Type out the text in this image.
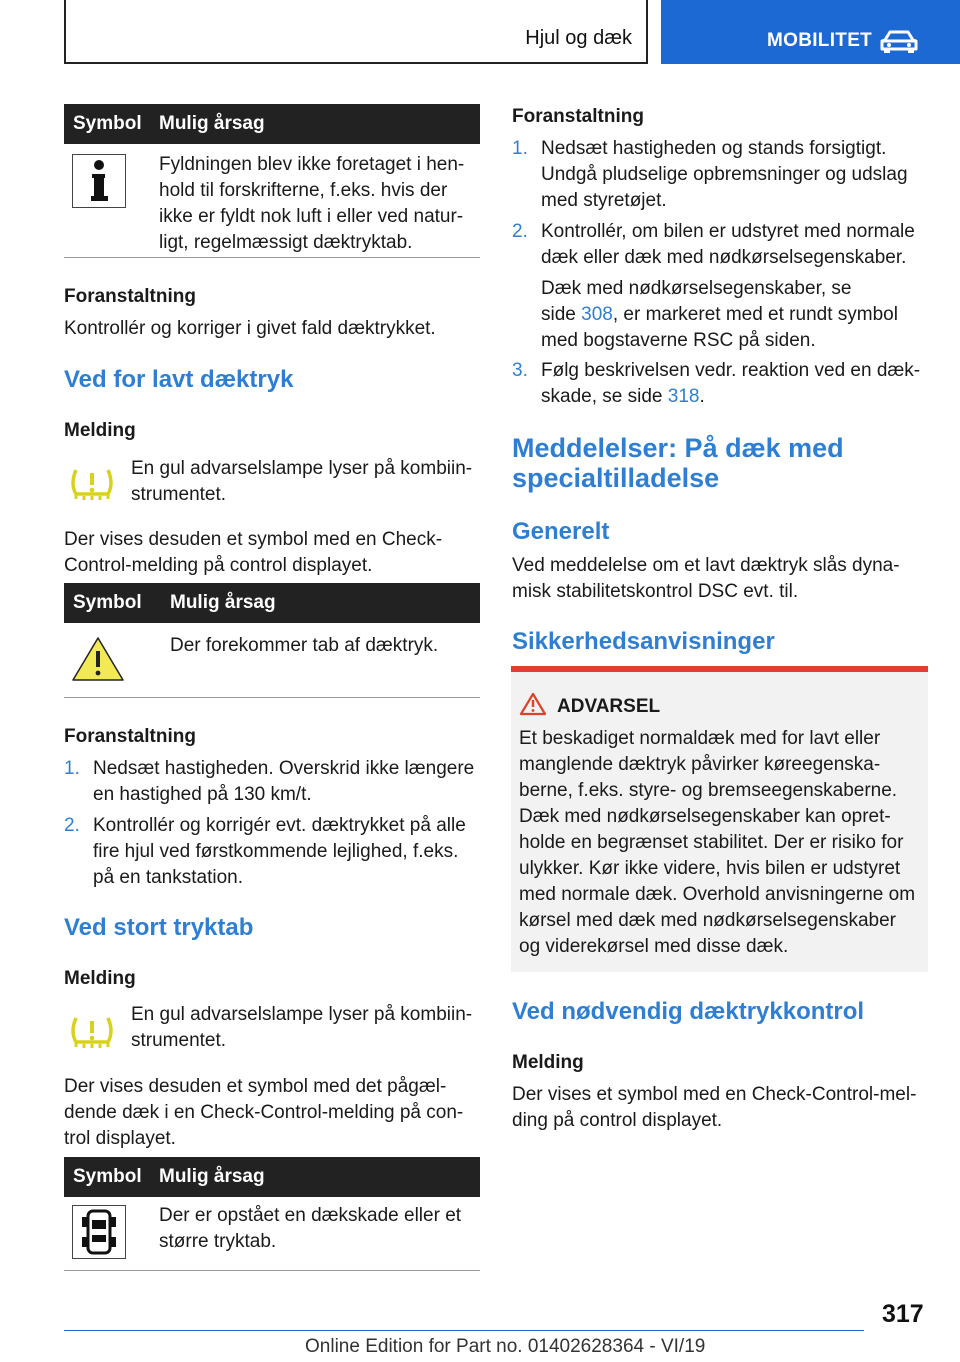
Hjul og dæk	MOBILITET
Symbol Mulig årsag
Fyldningen blev ikke foretaget i hen-
hold til forskrifterne, f.eks. hvis der
ikke er fyldt nok luft i eller ved natur-
ligt, regelmæssigt dæktryktab.
Foranstaltning
Kontrollér og korriger i givet fald dæktrykket.
Ved for lavt dæktryk
Melding
En gul advarselslampe lyser på kombiin-
strumentet.
Der vises desuden et symbol med en Check-
Control-melding på control displayet.
Symbol Mulig årsag
Der forekommer tab af dæktryk.
Foranstaltning
1. Nedsæt hastigheden. Overskrid ikke længere
en hastighed på 130 km/t.
2. Kontrollér og korrigér evt. dæktrykket på alle
fire hjul ved førstkommende lejlighed, f.eks.
på en tankstation.
Ved stort tryktab
Melding
En gul advarselslampe lyser på kombiin-
strumentet.
Der vises desuden et symbol med det pågæl-
dende dæk i en Check-Control-melding på con-
trol displayet.
Symbol Mulig årsag
Der er opstået en dækskade eller et
større tryktab.
Foranstaltning
1. Nedsæt hastigheden og stands forsigtigt.
Undgå pludselige opbremsninger og udslag
med styretøjet.
2. Kontrollér, om bilen er udstyret med normale
dæk eller dæk med nødkørselsegenskaber.
Dæk med nødkørselsegenskaber, se
side 308, er markeret med et rundt symbol
med bogstaverne RSC på siden.
3. Følg beskrivelsen vedr. reaktion ved en dæk-
skade, se side 318.
Meddelelser: På dæk med
specialtilladelse
Generelt
Ved meddelelse om et lavt dæktryk slås dyna-
misk stabilitetskontrol DSC evt. til.
Sikkerhedsanvisninger
ADVARSEL
Et beskadiget normaldæk med for lavt eller
manglende dæktryk påvirker køreegenska-
berne, f.eks. styre- og bremseegenskaberne.
Dæk med nødkørselsegenskaber kan opret-
holde en begrænset stabilitet. Der er risiko for
ulykker. Kør ikke videre, hvis bilen er udstyret
med normale dæk. Overhold anvisningerne om
kørsel med dæk med nødkørselsegenskaber
og viderekørsel med disse dæk.
Ved nødvendig dæktrykkontrol
Melding
Der vises et symbol med en Check-Control-mel-
ding på control displayet.
317
Online Edition for Part no. 01402628364 - VI/19
